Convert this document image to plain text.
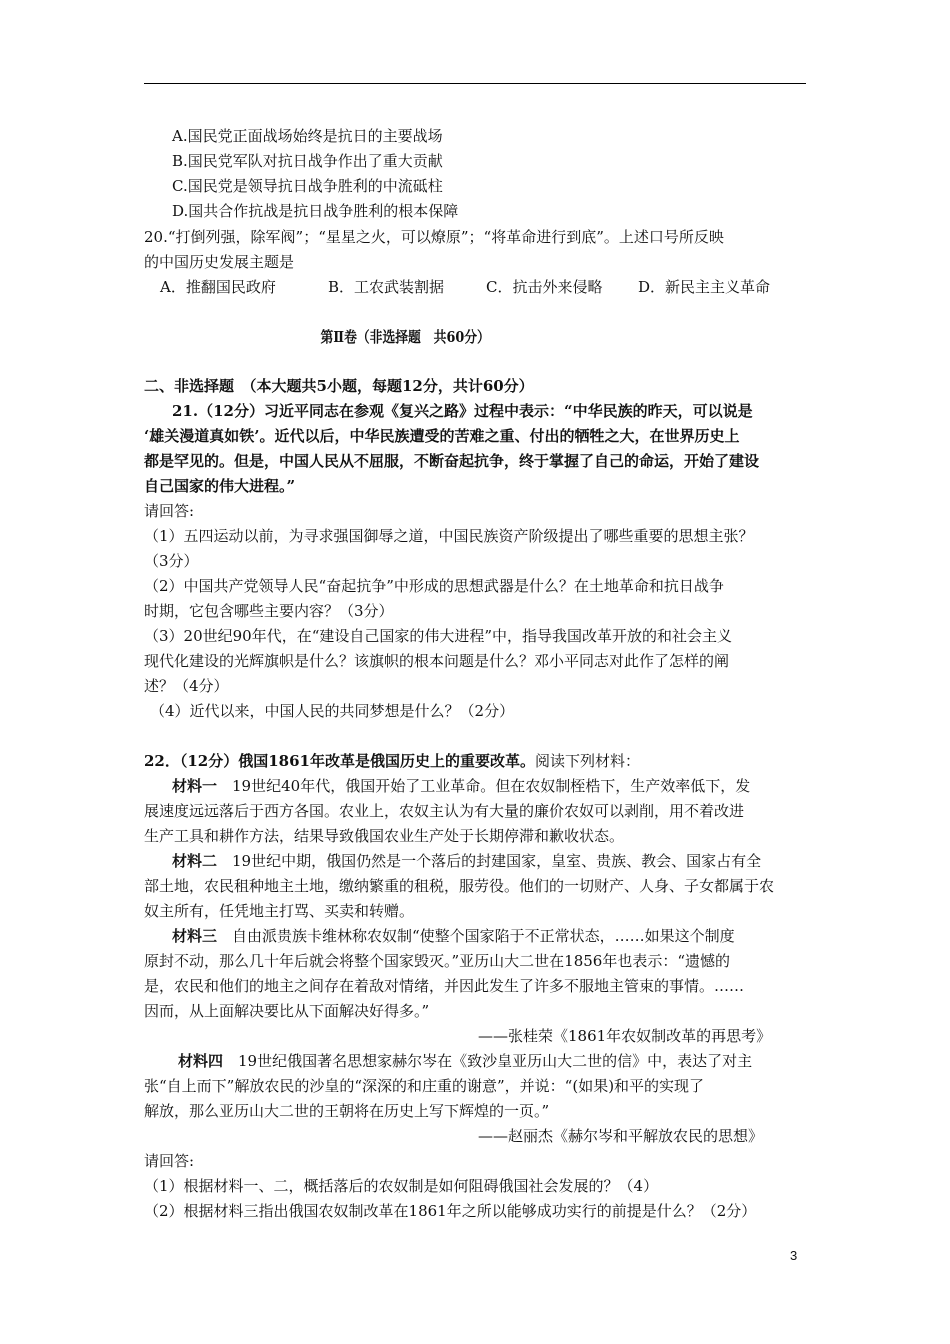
A.国民党正面战场始终是抗日的主要战场
B.国民党军队对抗日战争作出了重大贡献
C.国民党是领导抗日战争胜利的中流砥柱
D.国共合作抗战是抗日战争胜利的根本保障
20.“打倒列强，除军阀”；“星星之火，可以燎原”；“将革命进行到底”。上述口号所反映
的中国历史发展主题是
A．推翻国民政府	B．工农武装割据	C．抗击外来侵略 D．新民主主义革命
第Ⅱ卷（非选择题　共60分）
二、非选择题　（本大题共5小题，每题12分，共计60分）
21.（12分）习近平同志在参观《复兴之路》过程中表示：“中华民族的昨天，可以说是
‘雄关漫道真如铁’。近代以后，中华民族遭受的苦难之重、付出的牺牲之大，在世界历史上
都是罕见的。但是，中国人民从不屈服，不断奋起抗争，终于掌握了自己的命运，开始了建设
自己国家的伟大进程。”
请回答:
（1）五四运动以前，为寻求强国御辱之道，中国民族资产阶级提出了哪些重要的思想主张？
（3分）
（2）中国共产党领导人民“奋起抗争”中形成的思想武器是什么？在土地革命和抗日战争
时期，它包含哪些主要内容？（3分）
（3）20世纪90年代，在“建设自己国家的伟大进程”中，指导我国改革开放的和社会主义
现代化建设的光辉旗帜是什么？该旗帜的根本问题是什么？邓小平同志对此作了怎样的阐
述？（4分）
（4）近代以来，中国人民的共同梦想是什么？（2分）
22．（12分）俄国1861年改革是俄国历史上的重要改革。阅读下列材料：
材料一　19世纪40年代，俄国开始了工业革命。但在农奴制桎梏下，生产效率低下，发
展速度远远落后于西方各国。农业上，农奴主认为有大量的廉价农奴可以剥削，用不着改进
生产工具和耕作方法，结果导致俄国农业生产处于长期停滞和歉收状态。
材料二　19世纪中期，俄国仍然是一个落后的封建国家，皇室、贵族、教会、国家占有全
部土地，农民租种地主土地，缴纳繁重的租税，服劳役。他们的一切财产、人身、子女都属于农
奴主所有，任凭地主打骂、买卖和转赠。
材料三　自由派贵族卡维林称农奴制“使整个国家陷于不正常状态，……如果这个制度
原封不动，那么几十年后就会将整个国家毁灭。”亚历山大二世在1856年也表示：“遗憾的
是，农民和他们的地主之间存在着敌对情绪，并因此发生了许多不服地主管束的事情。……
因而，从上面解决要比从下面解决好得多。”
——张桂荣《1861年农奴制改革的再思考》
材料四　19世纪俄国著名思想家赫尔岑在《致沙皇亚历山大二世的信》中，表达了对主
张“自上而下”解放农民的沙皇的“深深的和庄重的谢意”，并说：“(如果)和平的实现了
解放，那么亚历山大二世的王朝将在历史上写下辉煌的一页。”
——赵丽杰《赫尔岑和平解放农民的思想》
请回答:
（1）根据材料一、二，概括落后的农奴制是如何阻碍俄国社会发展的？（4）
（2）根据材料三指出俄国农奴制改革在1861年之所以能够成功实行的前提是什么？（2分）
3
